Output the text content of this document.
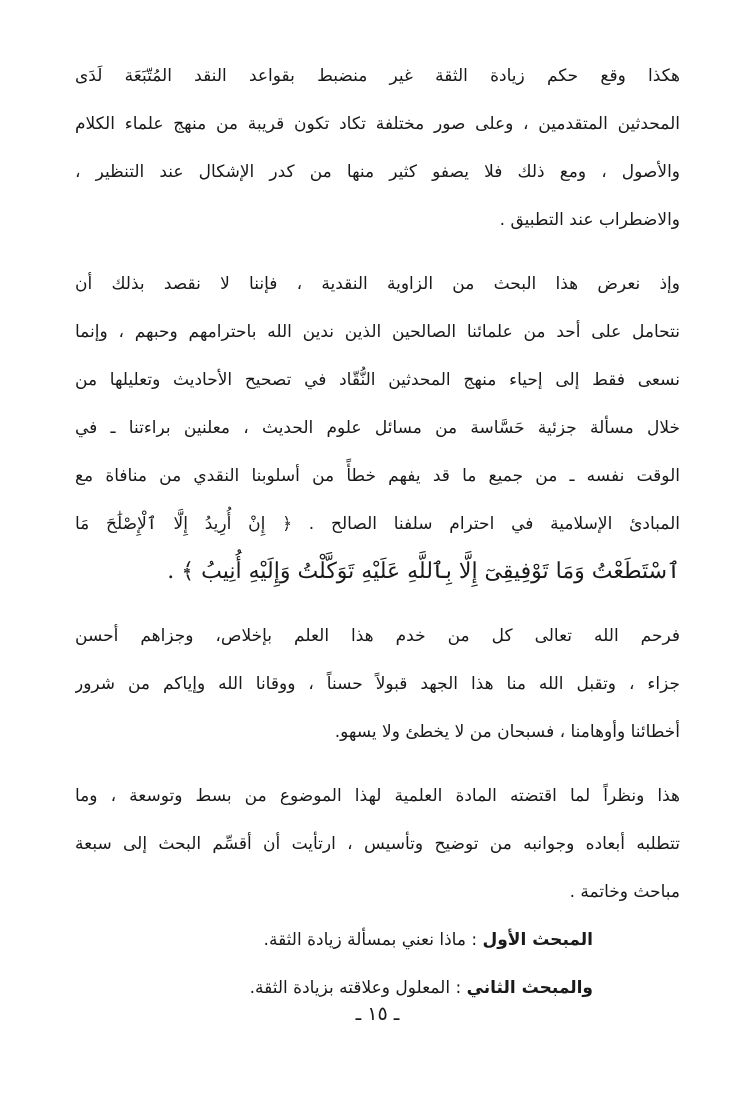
هكذا وقع حكم زيادة الثقة غير منضبط بقواعد النقد المُتّبَعَة لَدَى
المحدثين المتقدمين ، وعلى صور مختلفة تكاد تكون قريبة من منهج علماء الكلام
والأصول ، ومع ذلك فلا يصفو كثير منها من كدر الإشكال عند التنظير ،
والاضطراب عند التطبيق .
وإذ نعرض هذا البحث من الزاوية النقدية ، فإننا لا نقصد بذلك أن
نتحامل على أحد من علمائنا الصالحين الذين ندين الله باحترامهم وحبهم ، وإنما
نسعى فقط إلى إحياء منهج المحدثين النُّقّاد في تصحيح الأحاديث وتعليلها من
خلال مسألة جزئية حَسَّاسة من مسائل علوم الحديث ، معلنين براءتنا ـ في
الوقت نفسه ـ من جميع ما قد يفهم خطأً من أسلوبنا النقدي من منافاة مع
المبادئ الإسلامية في احترام سلفنا الصالح . ﴿ إِنْ أُرِيدُ إِلَّا ٱلْإِصْلَٰحَ مَا
ٱسْتَطَعْتُ وَمَا تَوْفِيقِىٓ إِلَّا بِٱللَّهِ عَلَيْهِ تَوَكَّلْتُ وَإِلَيْهِ أُنِيبُ ﴾ .
فرحم الله تعالى كل من خدم هذا العلم بإخلاص، وجزاهم أحسن
جزاء ، وتقبل الله منا هذا الجهد قبولاً حسناً ، ووقانا الله وإياكم من شرور
أخطائنا وأوهامنا ، فسبحان من لا يخطئ ولا يسهو.
هذا ونظراً لما اقتضته المادة العلمية لهذا الموضوع من بسط وتوسعة ، وما
تتطلبه أبعاده وجوانبه من توضيح وتأسيس ، ارتأيت أن أقسِّم البحث إلى سبعة
مباحث وخاتمة .
المبحث الأول : ماذا نعني بمسألة زيادة الثقة.
والمبحث الثاني : المعلول وعلاقته بزيادة الثقة.
ـ ١٥ ـ
